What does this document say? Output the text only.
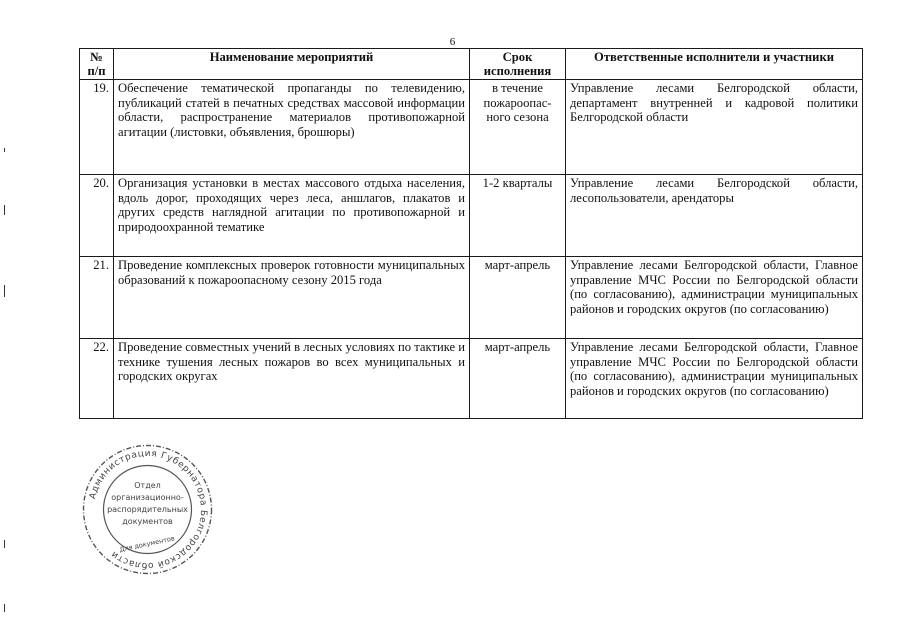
6
№ п/п	Наименование мероприятий	Срок исполнения	Ответственные исполнители и участники
19.	Обеспечение тематической пропаганды по телевидению, публикаций статей в печатных средствах массовой информации области, распространение материалов противопожарной агитации (листовки, объявления, брошюры)	в течение пожароопас-ного сезона	Управление лесами Белгородской области, департамент внутренней и кадровой политики Белгородской области
20.	Организация установки в местах массового отдыха населения, вдоль дорог, проходящих через леса, аншлагов, плакатов и других средств наглядной агитации по противопожарной и природоохранной тематике	1-2 кварталы	Управление лесами Белгородской области, лесопользователи, арендаторы
21.	Проведение комплексных проверок готовности муниципальных образований к пожароопасному сезону 2015 года	март-апрель	Управление лесами Белгородской области, Главное управление МЧС России по Белгородской области (по согласованию), администрации муниципальных районов и городских округов (по согласованию)
22.	Проведение совместных учений в лесных условиях по тактике и технике тушения лесных пожаров во всех муниципальных и городских округах	март-апрель	Управление лесами Белгородской области, Главное управление МЧС России по Белгородской области (по согласованию), администрации муниципальных районов и городских округов (по согласованию)
Администрация Губернатора Белгородской области
Отдел
организационно-
распорядительных
документов
Для документов
